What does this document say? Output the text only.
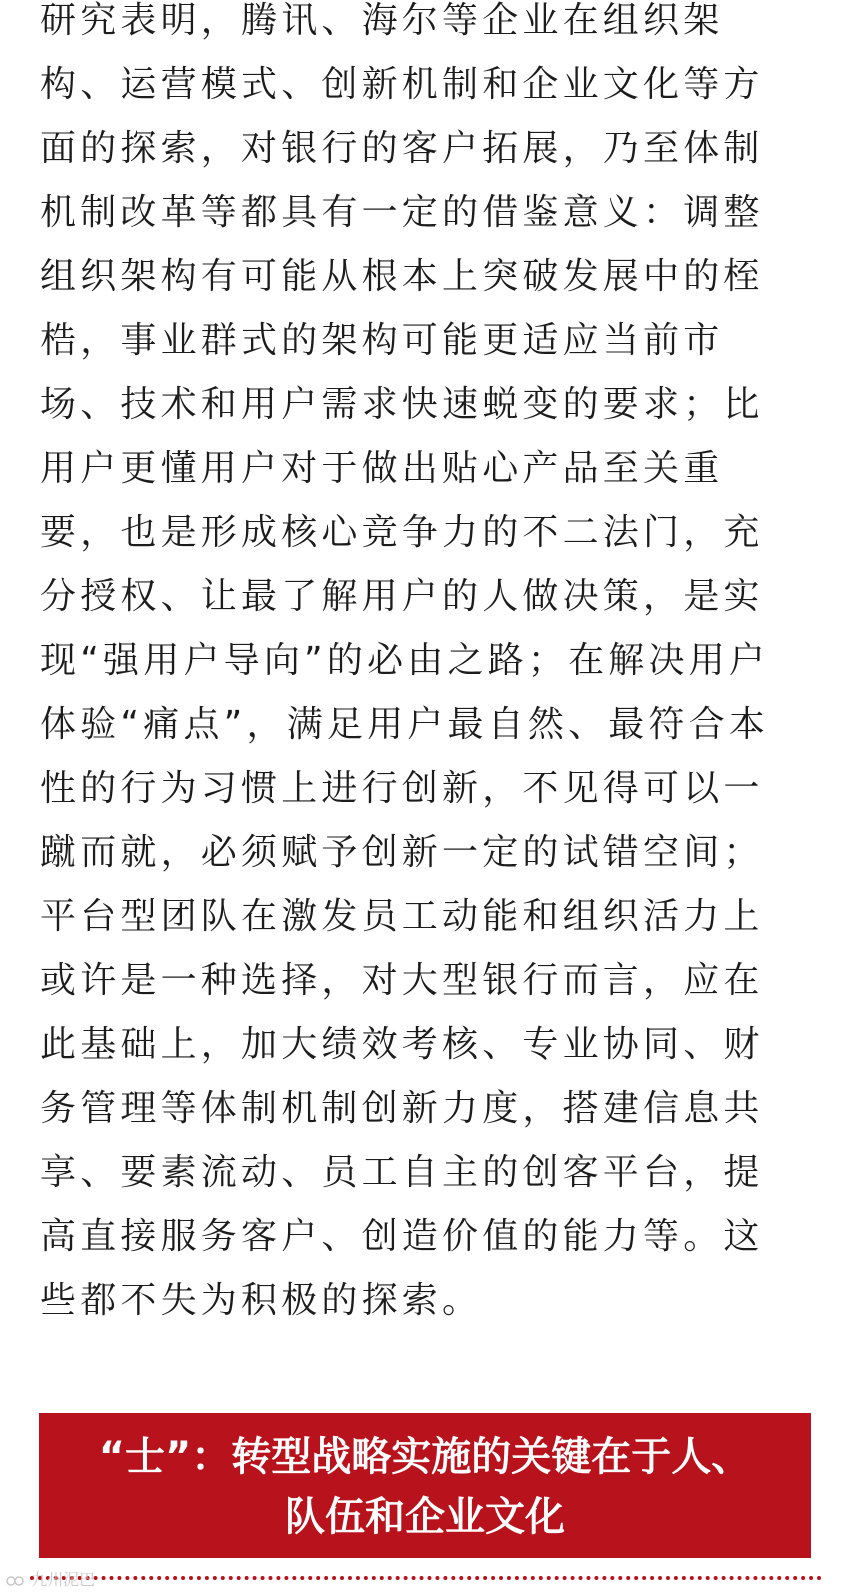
研究表明，腾讯、海尔等企业在组织架
构、运营模式、创新机制和企业文化等方
面的探索，对银行的客户拓展，乃至体制
机制改革等都具有一定的借鉴意义：调整
组织架构有可能从根本上突破发展中的桎
梏，事业群式的架构可能更适应当前市
场、技术和用户需求快速蜕变的要求；比
用户更懂用户对于做出贴心产品至关重
要，也是形成核心竞争力的不二法门，充
分授权、让最了解用户的人做决策，是实
现“强用户导向”的必由之路；在解决用户
体验“痛点”，满足用户最自然、最符合本
性的行为习惯上进行创新，不见得可以一
蹴而就，必须赋予创新一定的试错空间；
平台型团队在激发员工动能和组织活力上
或许是一种选择，对大型银行而言，应在
此基础上，加大绩效考核、专业协同、财
务管理等体制机制创新力度，搭建信息共
享、要素流动、员工自主的创客平台，提
高直接服务客户、创造价值的能力等。这
些都不失为积极的探索。
“士”：转型战略实施的关键在于人、
队伍和企业文化
九州泥巴
